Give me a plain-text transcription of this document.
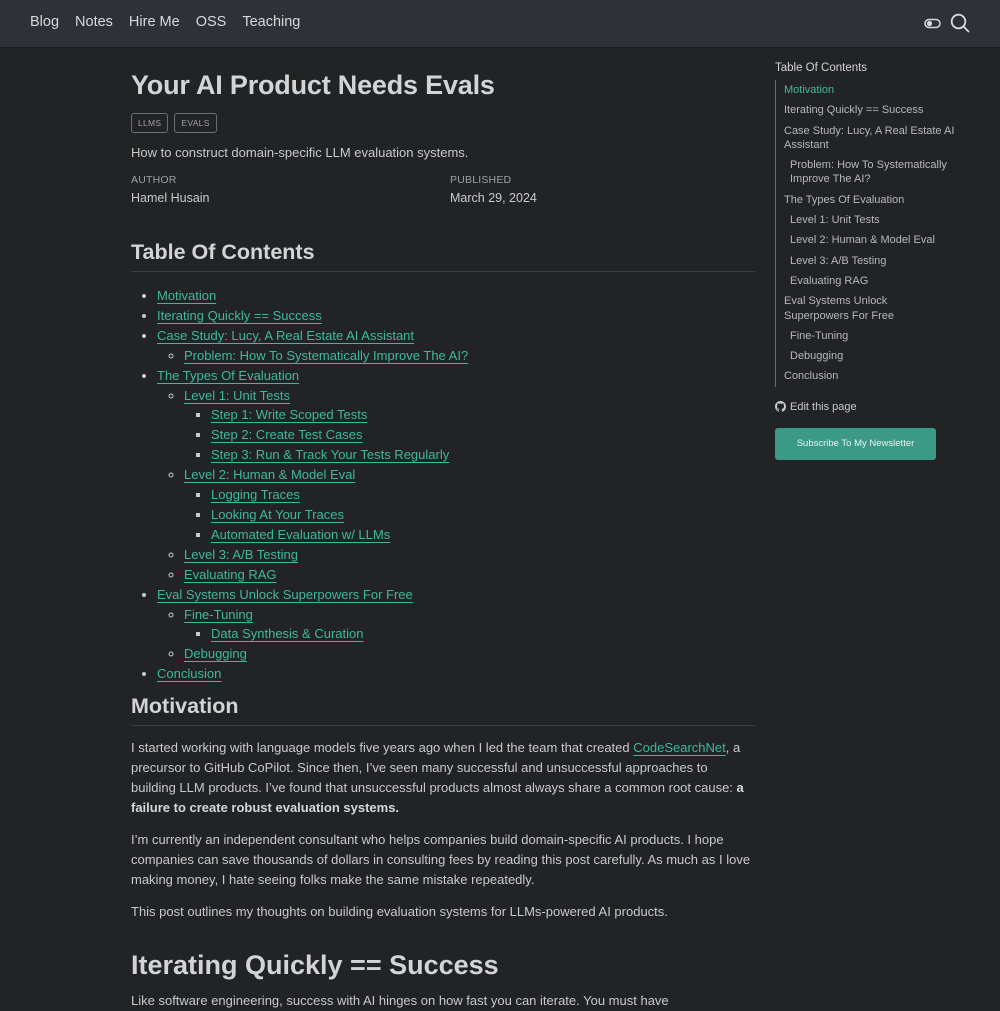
Blog Notes Hire Me OSS Teaching
Your AI Product Needs Evals
LLMS	EVALS
How to construct domain-specific LLM evaluation systems.
AUTHOR
Hamel Husain
PUBLISHED
March 29, 2024
Table Of Contents
• Motivation
• Iterating Quickly == Success
• Case Study: Lucy, A Real Estate AI Assistant
◦ Problem: How To Systematically Improve The AI?
• The Types Of Evaluation
◦ Level 1: Unit Tests
▪ Step 1: Write Scoped Tests
▪ Step 2: Create Test Cases
▪ Step 3: Run & Track Your Tests Regularly
◦ Level 2: Human & Model Eval
▪ Logging Traces
▪ Looking At Your Traces
▪ Automated Evaluation w/ LLMs
◦ Level 3: A/B Testing
◦ Evaluating RAG
• Eval Systems Unlock Superpowers For Free
◦ Fine-Tuning
▪ Data Synthesis & Curation
◦ Debugging
• Conclusion
Motivation

I started working with language models five years ago when I led the team that created CodeSearchNet, a precursor to GitHub CoPilot. Since then, I’ve seen many successful and unsuccessful approaches to building LLM products. I’ve found that unsuccessful products almost always share a common root cause: a failure to create robust evaluation systems.

I’m currently an independent consultant who helps companies build domain-specific AI products. I hope companies can save thousands of dollars in consulting fees by reading this post carefully. As much as I love making money, I hate seeing folks make the same mistake repeatedly.

This post outlines my thoughts on building evaluation systems for LLMs-powered AI products.

Iterating Quickly == Success
Like software engineering, success with AI hinges on how fast you can iterate. You must have
Table Of Contents
Motivation
Iterating Quickly == Success
Case Study: Lucy, A Real Estate AI Assistant
Problem: How To Systematically Improve The AI?
The Types Of Evaluation
Level 1: Unit Tests
Level 2: Human & Model Eval
Level 3: A/B Testing
Evaluating RAG
Eval Systems Unlock Superpowers For Free
Fine-Tuning
Debugging
Conclusion
Edit this page
Subscribe To My Newsletter
